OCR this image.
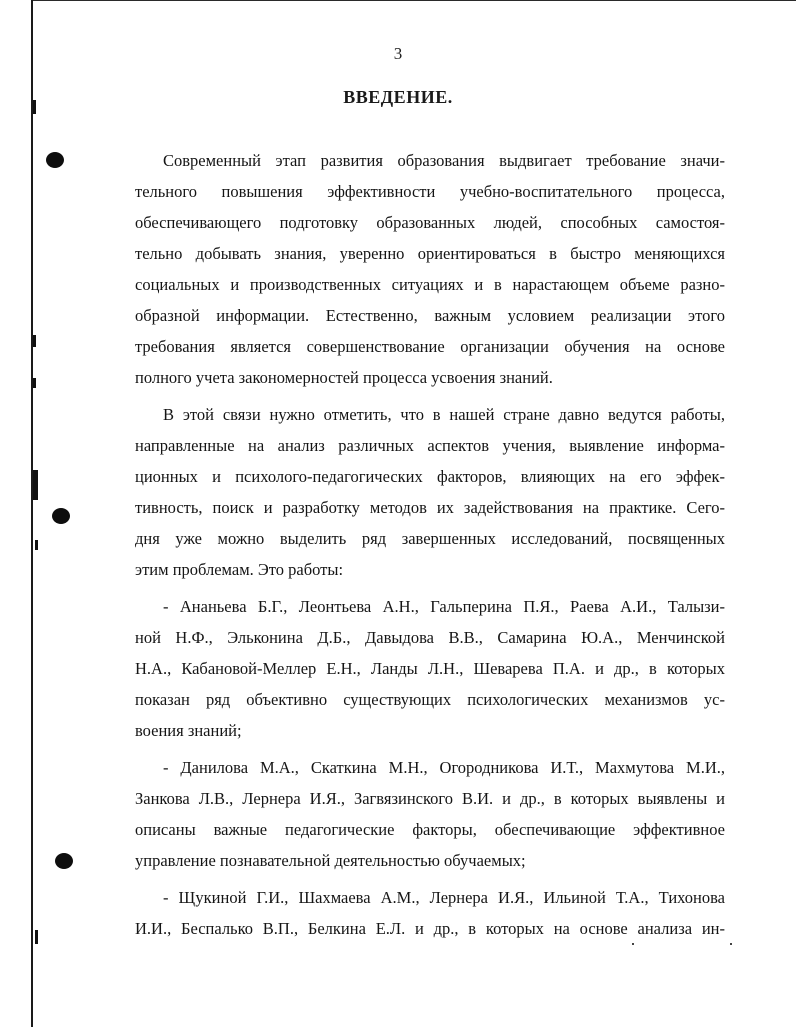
3
ВВЕДЕНИЕ.
Современный этап развития образования выдвигает требование значи-
тельного повышения эффективности учебно-воспитательного процесса,
обеспечивающего подготовку образованных людей, способных самостоя-
тельно добывать знания, уверенно ориентироваться в быстро меняющихся
социальных и производственных ситуациях и в нарастающем объеме разно-
образной информации. Естественно, важным условием реализации этого
требования является совершенствование организации обучения на основе
полного учета закономерностей процесса усвоения знаний.
В этой связи нужно отметить, что в нашей стране давно ведутся работы,
направленные на анализ различных аспектов учения, выявление информа-
ционных и психолого-педагогических факторов, влияющих на его эффек-
тивность, поиск и разработку методов их задействования на практике. Сего-
дня уже можно выделить ряд завершенных исследований, посвященных
этим проблемам. Это работы:
- Ананьева Б.Г., Леонтьева А.Н., Гальперина П.Я., Раева А.И., Талызи-
ной Н.Ф., Эльконина Д.Б., Давыдова В.В., Самарина Ю.А., Менчинской
Н.А., Кабановой-Меллер Е.Н., Ланды Л.Н., Шеварева П.А. и др., в которых
показан ряд объективно существующих психологических механизмов ус-
воения знаний;
- Данилова М.А., Скаткина М.Н., Огородникова И.Т., Махмутова М.И.,
Занкова Л.В., Лернера И.Я., Загвязинского В.И. и др., в которых выявлены и
описаны важные педагогические факторы, обеспечивающие эффективное
управление познавательной деятельностью обучаемых;
- Щукиной Г.И., Шахмаева А.М., Лернера И.Я., Ильиной Т.А., Тихонова
И.И., Беспалько В.П., Белкина Е.Л. и др., в которых на основе анализа ин-
